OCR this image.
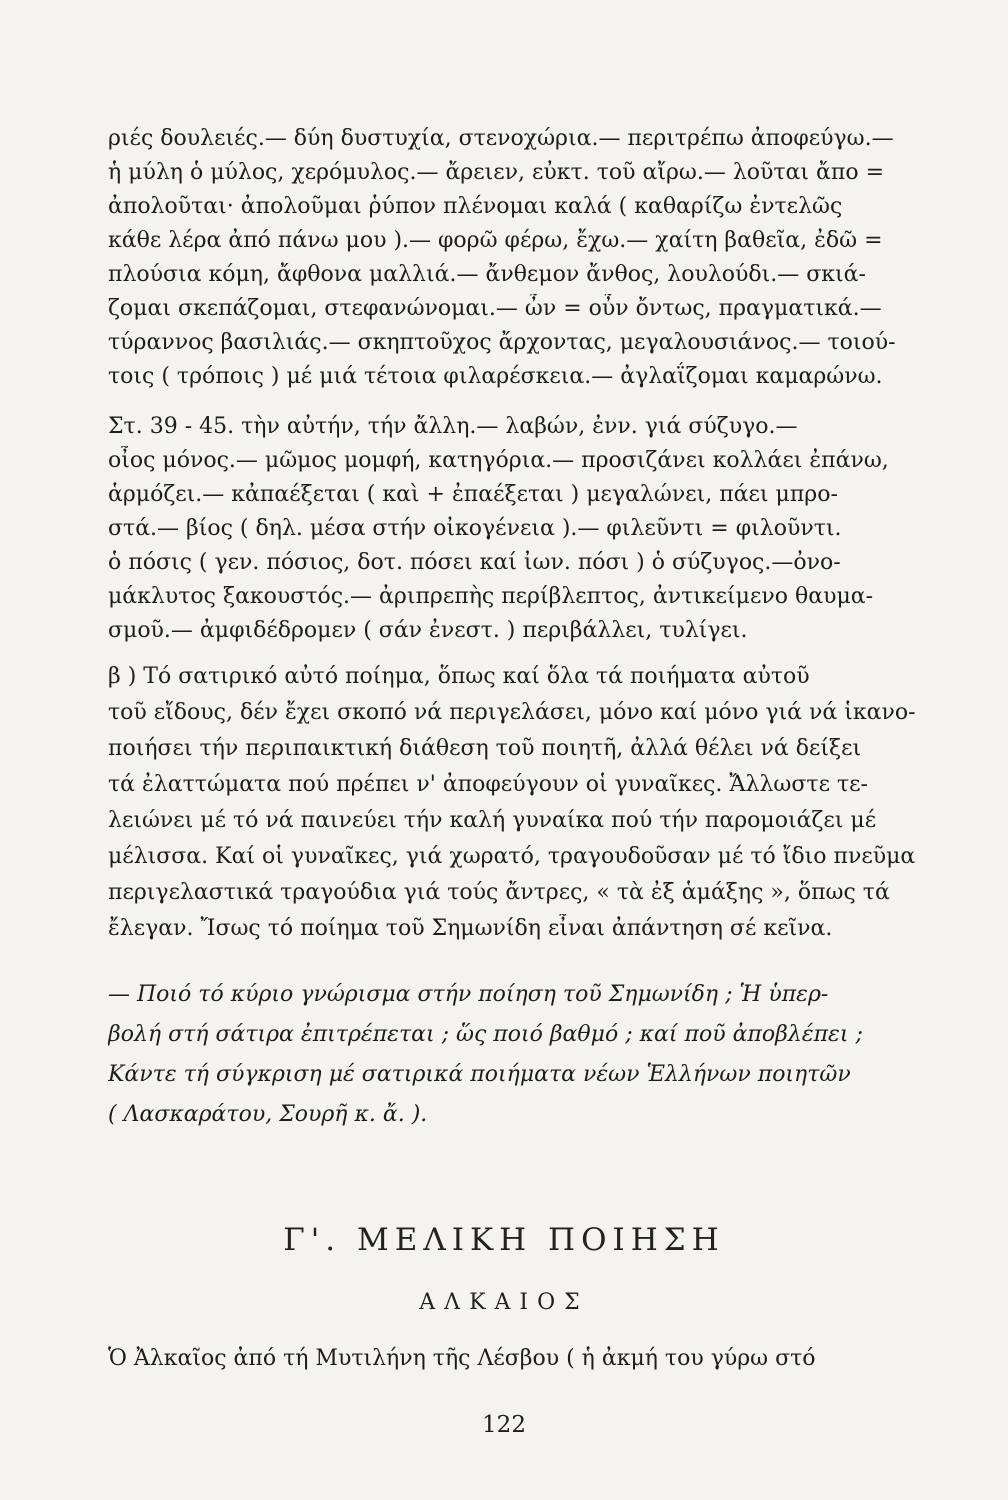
ριές δουλειές.— δύη δυστυχία, στενοχώρια.— περιτρέπω ἀποφεύγω.—
ἡ μύλη ὁ μύλος, χερόμυλος.— ἄρειεν, εὐκτ. τοῦ αἴρω.— λοῦται ἄπο =
ἀπολοῦται· ἀπολοῦμαι ῥύπον πλένομαι καλά ( καθαρίζω ἐντελῶς
κάθε λέρα ἀπό πάνω μου ).— φορῶ φέρω, ἔχω.— χαίτη βαθεῖα, ἐδῶ =
πλούσια κόμη, ἄφθονα μαλλιά.— ἄνθεμον ἄνθος, λουλούδι.— σκιά-
ζομαι σκεπάζομαι, στεφανώνομαι.— ὦν = οὖν ὄντως, πραγματικά.—
τύραννος βασιλιάς.— σκηπτοῦχος ἄρχοντας, μεγαλουσιάνος.— τοιού-
τοις ( τρόποις ) μέ μιά τέτοια φιλαρέσκεια.— ἀγλαΐζομαι καμαρώνω.
Στ. 39 - 45. τὴν αὐτήν, τήν ἄλλη.— λαβών, ἐνν. γιά σύζυγο.—
οἶος μόνος.— μῶμος μομφή, κατηγόρια.— προσιζάνει κολλάει ἐπάνω,
ἁρμόζει.— κἀπαέξεται ( καὶ + ἐπαέξεται ) μεγαλώνει, πάει μπρο-
στά.— βίος ( δηλ. μέσα στήν οἰκογένεια ).— φιλεῦντι = φιλοῦντι.
ὁ πόσις ( γεν. πόσιος, δοτ. πόσει καί ἰων. πόσι ) ὁ σύζυγος.—ὀνο-
μάκλυτος ξακουστός.— ἀριπρεπὴς περίβλεπτος, ἀντικείμενο θαυμα-
σμοῦ.— ἀμφιδέδρομεν ( σάν ἐνεστ. ) περιβάλλει, τυλίγει.
β ) Τό σατιρικό αὐτό ποίημα, ὅπως καί ὅλα τά ποιήματα αὐτοῦ
τοῦ εἴδους, δέν ἔχει σκοπό νά περιγελάσει, μόνο καί μόνο γιά νά ἱκανο-
ποιήσει τήν περιπαικτική διάθεση τοῦ ποιητῆ, ἀλλά θέλει νά δείξει
τά ἐλαττώματα πού πρέπει ν' ἀποφεύγουν οἱ γυναῖκες. Ἄλλωστε τε-
λειώνει μέ τό νά παινεύει τήν καλή γυναίκα πού τήν παρομοιάζει μέ
μέλισσα. Καί οἱ γυναῖκες, γιά χωρατό, τραγουδοῦσαν μέ τό ἴδιο πνεῦμα
περιγελαστικά τραγούδια γιά τούς ἄντρες, « τὰ ἐξ ἁμάξης », ὅπως τά
ἔλεγαν. Ἴσως τό ποίημα τοῦ Σημωνίδη εἶναι ἀπάντηση σέ κεῖνα.
— Ποιό τό κύριο γνώρισμα στήν ποίηση τοῦ Σημωνίδη ; Ἡ ὑπερ-
βολή στή σάτιρα ἐπιτρέπεται ; ὥς ποιό βαθμό ; καί ποῦ ἀποβλέπει ;
Κάντε τή σύγκριση μέ σατιρικά ποιήματα νέων Ἑλλήνων ποιητῶν
( Λασκαράτου, Σουρῆ κ. ἄ. ).
Γ'. ΜΕΛΙΚΗ ΠΟΙΗΣΗ
ΑΛΚΑΙΟΣ
Ὁ Ἀλκαῖος ἀπό τή Μυτιλήνη τῆς Λέσβου ( ἡ ἀκμή του γύρω στό
122
